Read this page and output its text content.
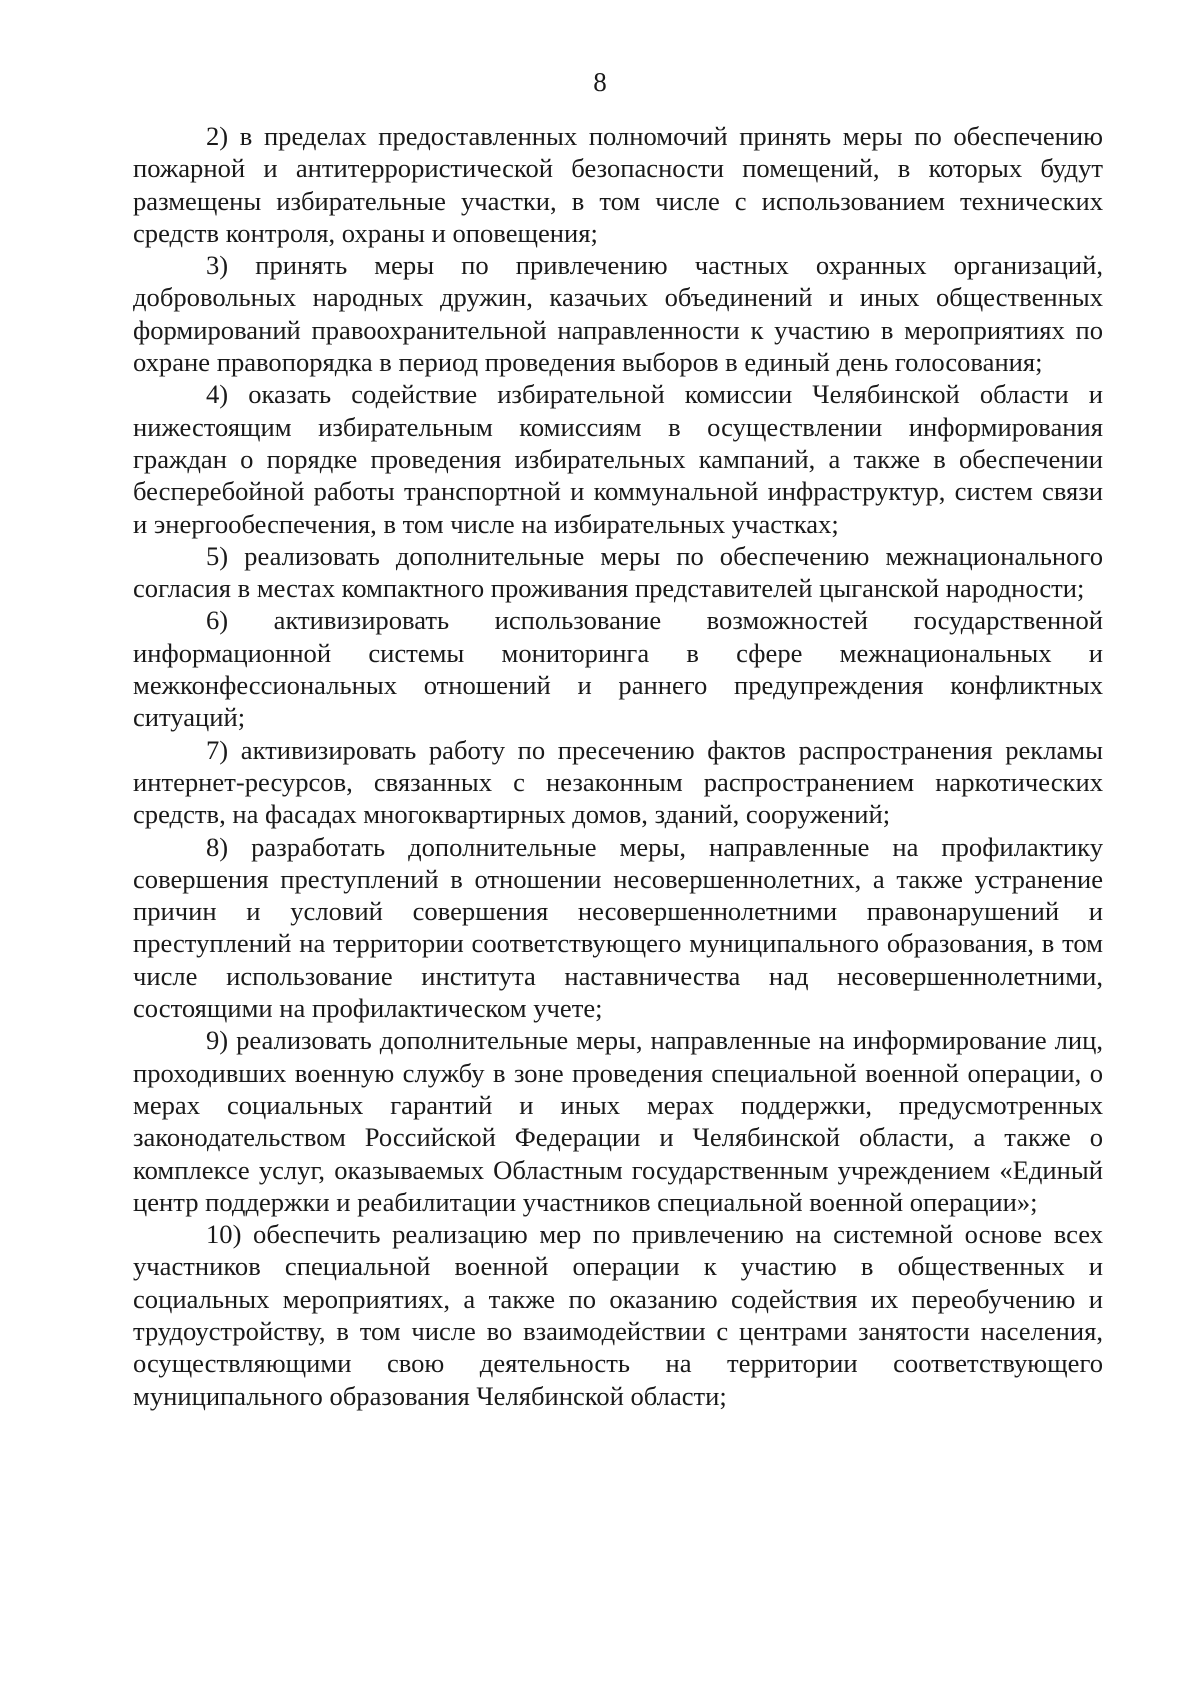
8

2) в пределах предоставленных полномочий принять меры по обеспечению пожарной и антитеррористической безопасности помещений, в которых будут размещены избирательные участки, в том числе с использованием технических средств контроля, охраны и оповещения;

3) принять меры по привлечению частных охранных организаций, добровольных народных дружин, казачьих объединений и иных общественных формирований правоохранительной направленности к участию в мероприятиях по охране правопорядка в период проведения выборов в единый день голосования;

4) оказать содействие избирательной комиссии Челябинской области и нижестоящим избирательным комиссиям в осуществлении информирования граждан о порядке проведения избирательных кампаний, а также в обеспечении бесперебойной работы транспортной и коммунальной инфраструктур, систем связи и энергообеспечения, в том числе на избирательных участках;

5) реализовать дополнительные меры по обеспечению межнационального согласия в местах компактного проживания представителей цыганской народности;

6) активизировать использование возможностей государственной информационной системы мониторинга в сфере межнациональных и межконфессиональных отношений и раннего предупреждения конфликтных ситуаций;

7) активизировать работу по пресечению фактов распространения рекламы интернет-ресурсов, связанных с незаконным распространением наркотических средств, на фасадах многоквартирных домов, зданий, сооружений;

8) разработать дополнительные меры, направленные на профилактику совершения преступлений в отношении несовершеннолетних, а также устранение причин и условий совершения несовершеннолетними правонарушений и преступлений на территории соответствующего муниципального образования, в том числе использование института наставничества над несовершеннолетними, состоящими на профилактическом учете;

9) реализовать дополнительные меры, направленные на информирование лиц, проходивших военную службу в зоне проведения специальной военной операции, о мерах социальных гарантий и иных мерах поддержки, предусмотренных законодательством Российской Федерации и Челябинской области, а также о комплексе услуг, оказываемых Областным государственным учреждением «Единый центр поддержки и реабилитации участников специальной военной операции»;

10) обеспечить реализацию мер по привлечению на системной основе всех участников специальной военной операции к участию в общественных и социальных мероприятиях, а также по оказанию содействия их переобучению и трудоустройству, в том числе во взаимодействии с центрами занятости населения, осуществляющими свою деятельность на территории соответствующего муниципального образования Челябинской области;
